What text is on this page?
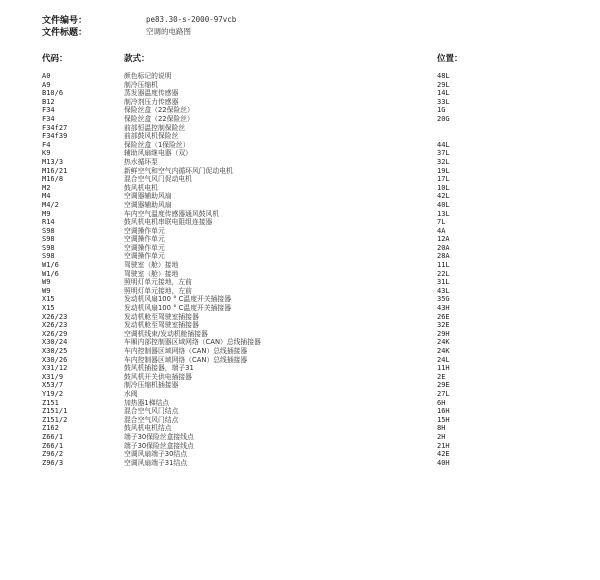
文件编号：	pe83.30-s-2000-97vcb
文件标题：	空调的电路图
代码：	款式：	位置：
A0	颜色标记的说明	48L
A9	制冷压缩机	29L
B10/6	蒸发器温度传感器	14L
B12	制冷剂压力传感器	33L
F34	保险丝盒（22保险丝）	1G
F34	保险丝盒（22保险丝）	20G
F34f27	前部恒温控制保险丝
F34f39	前部鼓风机保险丝
F4	保险丝盒（1保险丝）	44L
K9	辅助风扇继电器（双）	37L
M13/3	热水循环泵	32L
M16/21	新鲜空气和空气内循环风门促动电机	19L
M16/8	混合空气风门促动电机	17L
M2	鼓风机电机	10L
M4	空调器辅助风扇	42L
M4/2	空调器辅助风扇	40L
M9	车内空气温度传感器通风鼓风机	13L
R14	鼓风机电机串联电阻组连接器	7L
S98	空调操作单元	4A
S98	空调操作单元	12A
S98	空调操作单元	20A
S98	空调操作单元	28A
W1/6	驾驶室（舱）接地	11L
W1/6	驾驶室（舱）接地	22L
W9	照明灯单元接地，左前	31L
W9	照明灯单元接地，左前	43L
X15	发动机风扇100 ° C温度开关插接器	35G
X15	发动机风扇100 ° C温度开关插接器	43H
X26/23	发动机舱至驾驶室插接器	26E
X26/23	发动机舱至驾驶室插接器	32E
X26/29	空调机线束/发动机舱插接器	29H
X30/24	车厢内部控制器区域网络（CAN）总线插接器	24K
X30/25	车内控制器区域网络（CAN）总线插接器	24K
X30/26	车内控制器区域网络（CAN）总线插接器	24L
X31/12	鼓风机插接器，端子31	11H
X31/9	鼓风机开关供电插接器	2E
X53/7	制冷压缩机插接器	29E
Y19/2	水阀	27L
Z151	加热器1梯结点	6H
Z151/1	混合空气风门结点	16H
Z151/2	混合空气风门结点	15H
Z162	鼓风机电机结点	8H
Z66/1	端子30保险丝盒接线点	2H
Z66/1	端子30保险丝盒接线点	21H
Z96/2	空调风扇端子30结点	42E
Z96/3	空调风扇端子31结点	40H
